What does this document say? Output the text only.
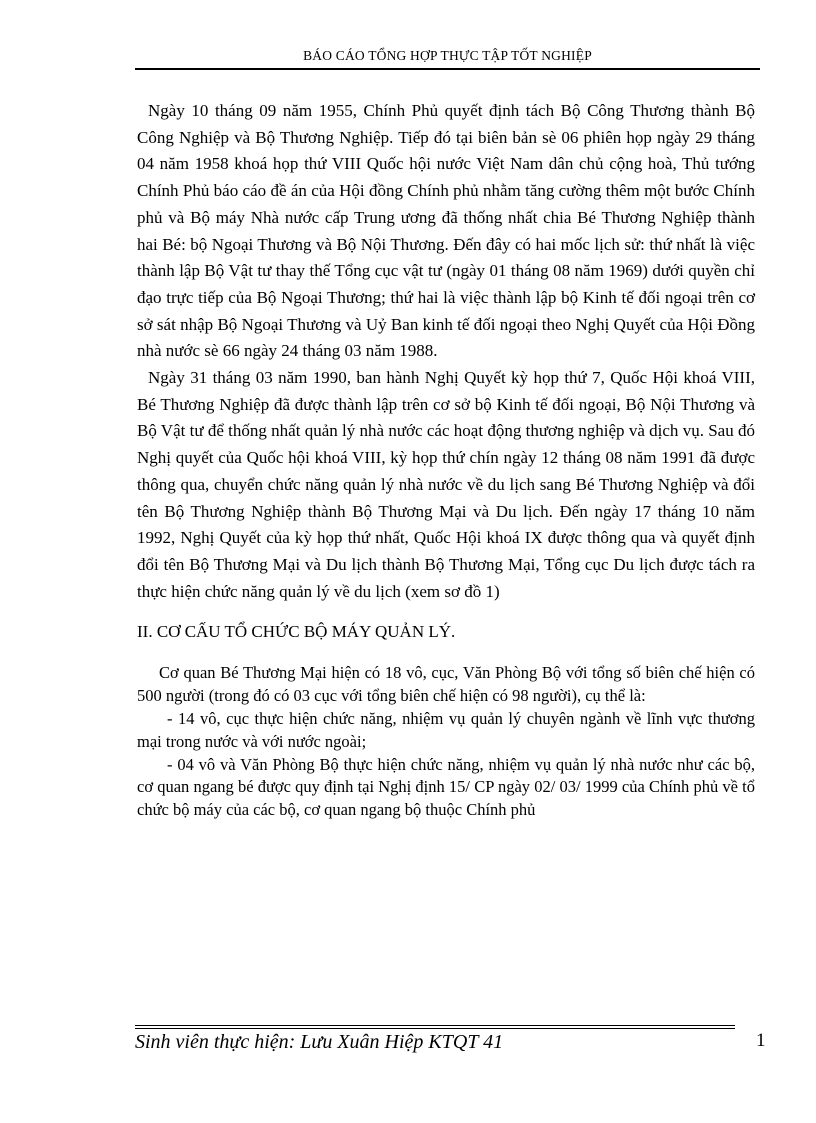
BÁO CÁO TỔNG HỢP THỰC TẬP TỐT NGHIỆP

Ngày 10 tháng 09 năm 1955, Chính Phủ quyết định tách Bộ Công Thương thành Bộ Công Nghiệp và Bộ Thương Nghiệp. Tiếp đó tại biên bản sè 06 phiên họp ngày 29 tháng 04 năm 1958 khoá họp thứ VIII Quốc hội nước Việt Nam dân chủ cộng hoà, Thủ tướng Chính Phủ báo cáo đề án của Hội đồng Chính phủ nhằm tăng cường thêm một bước Chính phủ và Bộ máy Nhà nước cấp Trung ương đã thống nhất chia Bé Thương Nghiệp thành hai Bé: bộ Ngoại Thương và Bộ Nội Thương. Đến đây có hai mốc lịch sử: thứ nhất là việc thành lập Bộ Vật tư thay thế Tổng cục vật tư (ngày 01 tháng 08 năm 1969) dưới quyền chỉ đạo trực tiếp của Bộ Ngoại Thương; thứ hai là việc thành lập bộ Kinh tế đối ngoại trên cơ sở sát nhập Bộ Ngoại Thương và Uỷ Ban kinh tế đối ngoại theo Nghị Quyết của Hội Đồng nhà nước sè 66 ngày 24 tháng 03 năm 1988.

Ngày 31 tháng 03 năm 1990, ban hành Nghị Quyết kỳ họp thứ 7, Quốc Hội khoá VIII, Bé Thương Nghiệp đã được thành lập trên cơ sở bộ Kinh tế đối ngoại, Bộ Nội Thương và Bộ Vật tư để thống nhất quản lý nhà nước các hoạt động thương nghiệp và dịch vụ. Sau đó Nghị quyết của Quốc hội khoá VIII, kỳ họp thứ chín ngày 12 tháng 08 năm 1991 đã được thông qua, chuyển chức năng quản lý nhà nước về du lịch sang Bé Thương Nghiệp và đổi tên Bộ Thương Nghiệp thành Bộ Thương Mại và Du lịch. Đến ngày 17 tháng 10 năm 1992, Nghị Quyết của kỳ họp thứ nhất, Quốc Hội khoá IX được thông qua và quyết định đổi tên Bộ Thương Mại và Du lịch thành Bộ Thương Mại, Tổng cục Du lịch được tách ra thực hiện chức năng quản lý về du lịch (xem sơ đồ 1)

II. CƠ CẤU TỔ CHỨC BỘ MÁY QUẢN LÝ.

Cơ quan Bé Thương Mại hiện có 18 vô, cục, Văn Phòng Bộ với tổng số biên chế hiện có 500 người (trong đó có 03 cục với tổng biên chế hiện có 98 người), cụ thể là:

- 14 vô, cục thực hiện chức năng, nhiệm vụ quản lý chuyên ngành về lĩnh vực thương mại trong nước và với nước ngoài;

- 04 vô và Văn Phòng Bộ thực hiện chức năng, nhiệm vụ quản lý nhà nước như các bộ, cơ quan ngang bé được quy định tại Nghị định 15/ CP ngày 02/ 03/ 1999 của Chính phủ về tổ chức bộ máy của các bộ, cơ quan ngang bộ thuộc Chính phủ

Sinh viên thực hiện: Lưu Xuân Hiệp KTQT 41	1
